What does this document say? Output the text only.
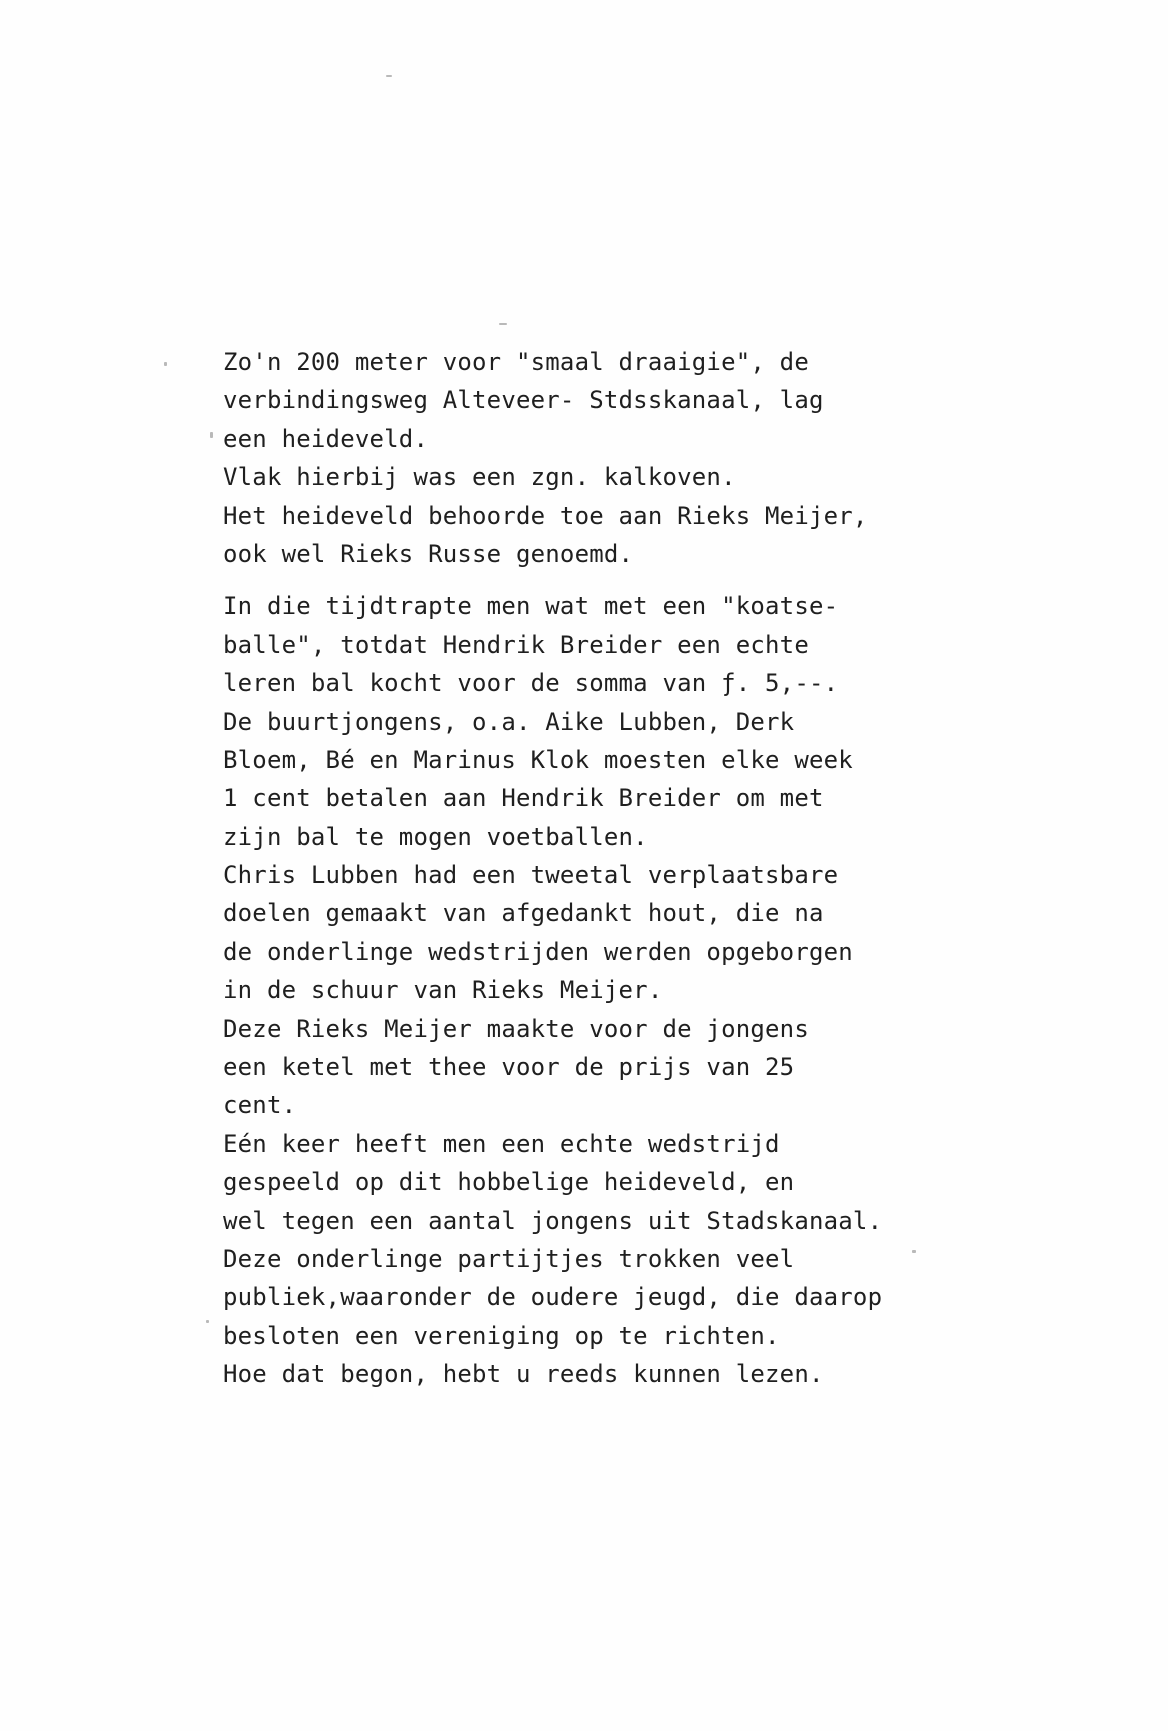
Zo'n 200 meter voor "smaal draaigie", de
verbindingsweg Alteveer- Stdsskanaal, lag
een heideveld.
Vlak hierbij was een zgn. kalkoven.
Het heideveld behoorde toe aan Rieks Meijer,
ook wel Rieks Russe genoemd.
In die tijdtrapte men wat met een "koatse-
balle", totdat Hendrik Breider een echte
leren bal kocht voor de somma van ƒ. 5,--.
De buurtjongens, o.a. Aike Lubben, Derk
Bloem, Bé en Marinus Klok moesten elke week
1 cent betalen aan Hendrik Breider om met
zijn bal te mogen voetballen.
Chris Lubben had een tweetal verplaatsbare
doelen gemaakt van afgedankt hout, die na
de onderlinge wedstrijden werden opgeborgen
in de schuur van Rieks Meijer.
Deze Rieks Meijer maakte voor de jongens
een ketel met thee voor de prijs van 25
cent.
Eén keer heeft men een echte wedstrijd
gespeeld op dit hobbelige heideveld, en
wel tegen een aantal jongens uit Stadskanaal.
Deze onderlinge partijtjes trokken veel
publiek,waaronder de oudere jeugd, die daarop
besloten een vereniging op te richten.
Hoe dat begon, hebt u reeds kunnen lezen.
